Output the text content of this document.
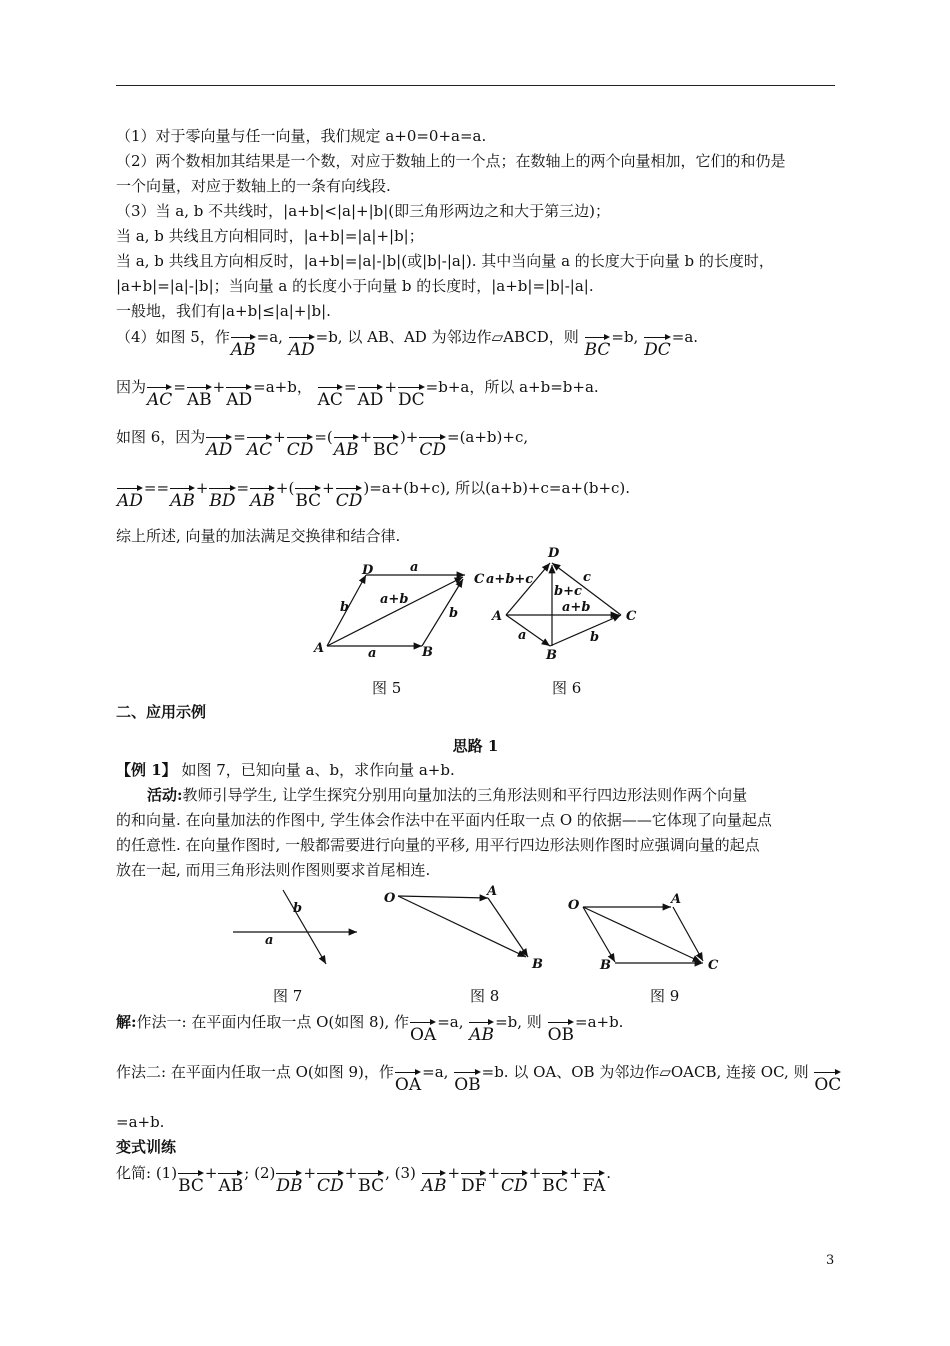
（1）对于零向量与任一向量，我们规定 a+0=0+a=a.
（2）两个数相加其结果是一个数，对应于数轴上的一个点；在数轴上的两个向量相加，它们的和仍是
一个向量，对应于数轴上的一条有向线段.
（3）当 a, b 不共线时，|a+b|<|a|+|b|(即三角形两边之和大于第三边)；
当 a, b 共线且方向相同时，|a+b|=|a|+|b|；
当 a, b 共线且方向相反时，|a+b|=|a|-|b|(或|b|-|a|). 其中当向量 a 的长度大于向量 b 的长度时，
|a+b|=|a|-|b|；当向量 a 的长度小于向量 b 的长度时，|a+b|=|b|-|a|.
一般地，我们有|a+b|≤|a|+|b|.
（4）如图 5，作
AB=a,
AD=b, 以 AB、AD 为邻边作▱ABCD，则
BC=b,
DC=a.
因为
AC=
AB+
AD=a+b，
AC=
AD+
DC=b+a，所以 a+b=b+a.
如图 6，因为
AD=
AC+
CD=(
AB+
BC)+
CD=(a+b)+c,
AD==
AB+
BD=
AB+(
BC+
CD)=a+(b+c), 所以(a+b)+c=a+(b+c).
综上所述, 向量的加法满足交换律和结合律.
A	B
D
a
a
b	b
a+b
C a+b+c
D
A	C
B
a	b
c
b+c
a+b
图 5	图 6
二、应用示例
思路 1
【例 1】 如图 7，已知向量 a、b，求作向量 a+b.
活动:教师引导学生, 让学生探究分别用向量加法的三角形法则和平行四边形法则作两个向量
的和向量. 在向量加法的作图中, 学生体会作法中在平面内任取一点 O 的依据——它体现了向量起点
的任意性. 在向量作图时, 一般都需要进行向量的平移, 用平行四边形法则作图时应强调向量的起点
放在一起, 而用三角形法则作图则要求首尾相连.
a
b
O	A
B
O	A
B	C
图 7	图 8	图 9
解:作法一: 在平面内任取一点 O(如图 8), 作
OA=a,
AB=b, 则
OB=a+b.
作法二: 在平面内任取一点 O(如图 9)，作
OA=a,
OB=b. 以 OA、OB 为邻边作▱OACB, 连接 OC, 则
OC
=a+b.
变式训练
化简: (1)
BC+
AB; (2)
DB+
CD+
BC, (3)
AB+
DF+
CD+
BC+
FA.
3
